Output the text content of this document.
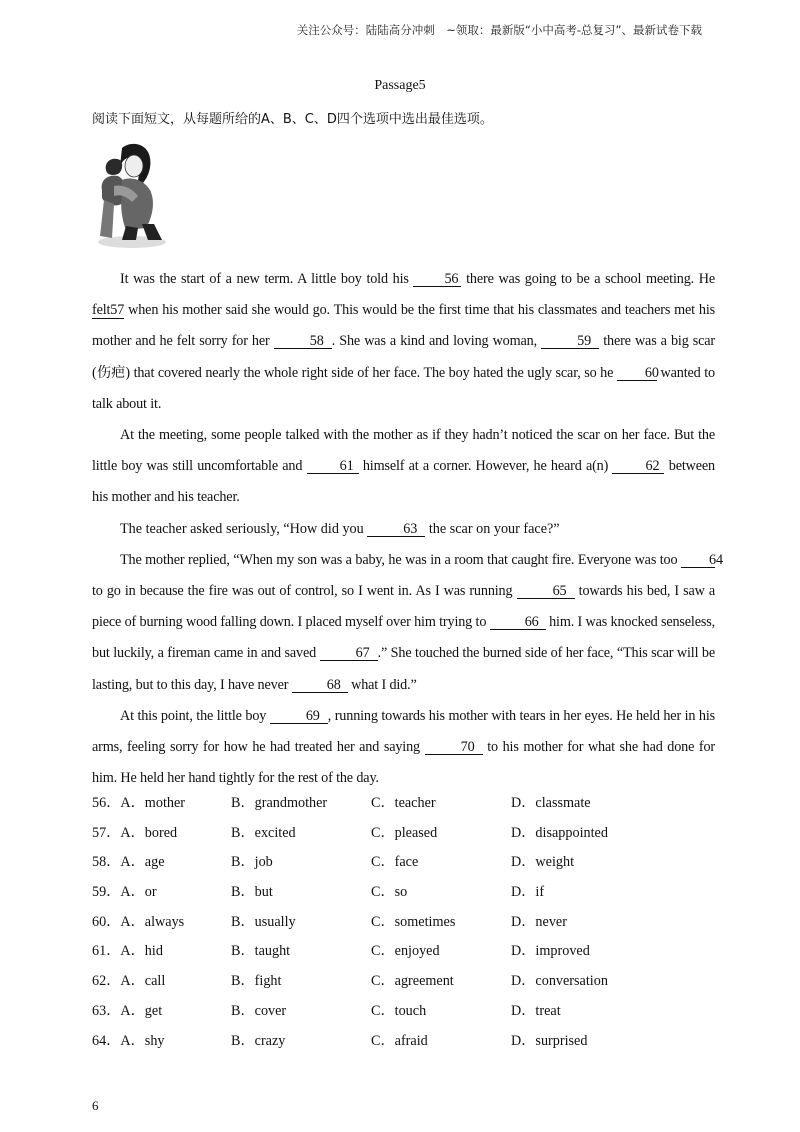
关注公众号：陆陆高分冲刺　~领取：最新版“小中高考-总复习”、最新试卷下载
Passage5
阅读下面短文，从每题所给的A、B、C、D四个选项中选出最佳选项。

It was the start of a new term. A little boy told his 56 there was going to be a school meeting. He felt57 when his mother said she would go. This would be the first time that his classmates and teachers met his mother and he felt sorry for her	58 . She was a kind and loving woman,	59 there was a big scar (伤疤) that covered nearly the whole right side of her face. The boy hated the ugly scar, so he 60 wanted to talk about it.

At the meeting, some people talked with the mother as if they hadn’t noticed the scar on her face. But the little boy was still uncomfortable and 61 himself at a corner. However, he heard a(n) 62 between his mother and his teacher.

The teacher asked seriously, “How did you	63 the scar on your face?”

The mother replied, “When my son was a baby, he was in a room that caught fire. Everyone was too 64 to go in because the fire was out of control, so I went in. As I was running	65 towards his bed, I saw a piece of burning wood falling down. I placed myself over him trying to 66 him. I was knocked senseless, but luckily, a fireman came in and saved	67 .” She touched the burned side of her face, “This scar will be lasting, but to this day, I have never 68 what I did.”

At this point, the little boy	69 , running towards his mother with tears in her eyes. He held her in his arms, feeling sorry for how he had treated her and saying	70 to his mother for what she had done for him. He held her hand tightly for the rest of the day.

56．A．mother	B．grandmother	C．teacher	D．classmate
57．A．bored	B．excited	C．pleased	D．disappointed
58．A．age	B．job	C．face	D．weight
59．A．or	B．but	C．so	D．if
60．A．always	B．usually	C．sometimes	D．never
61．A．hid	B．taught	C．enjoyed	D．improved
62．A．call	B．fight	C．agreement	D．conversation
63．A．get	B．cover	C．touch	D．treat
64．A．shy	B．crazy	C．afraid	D．surprised
6
